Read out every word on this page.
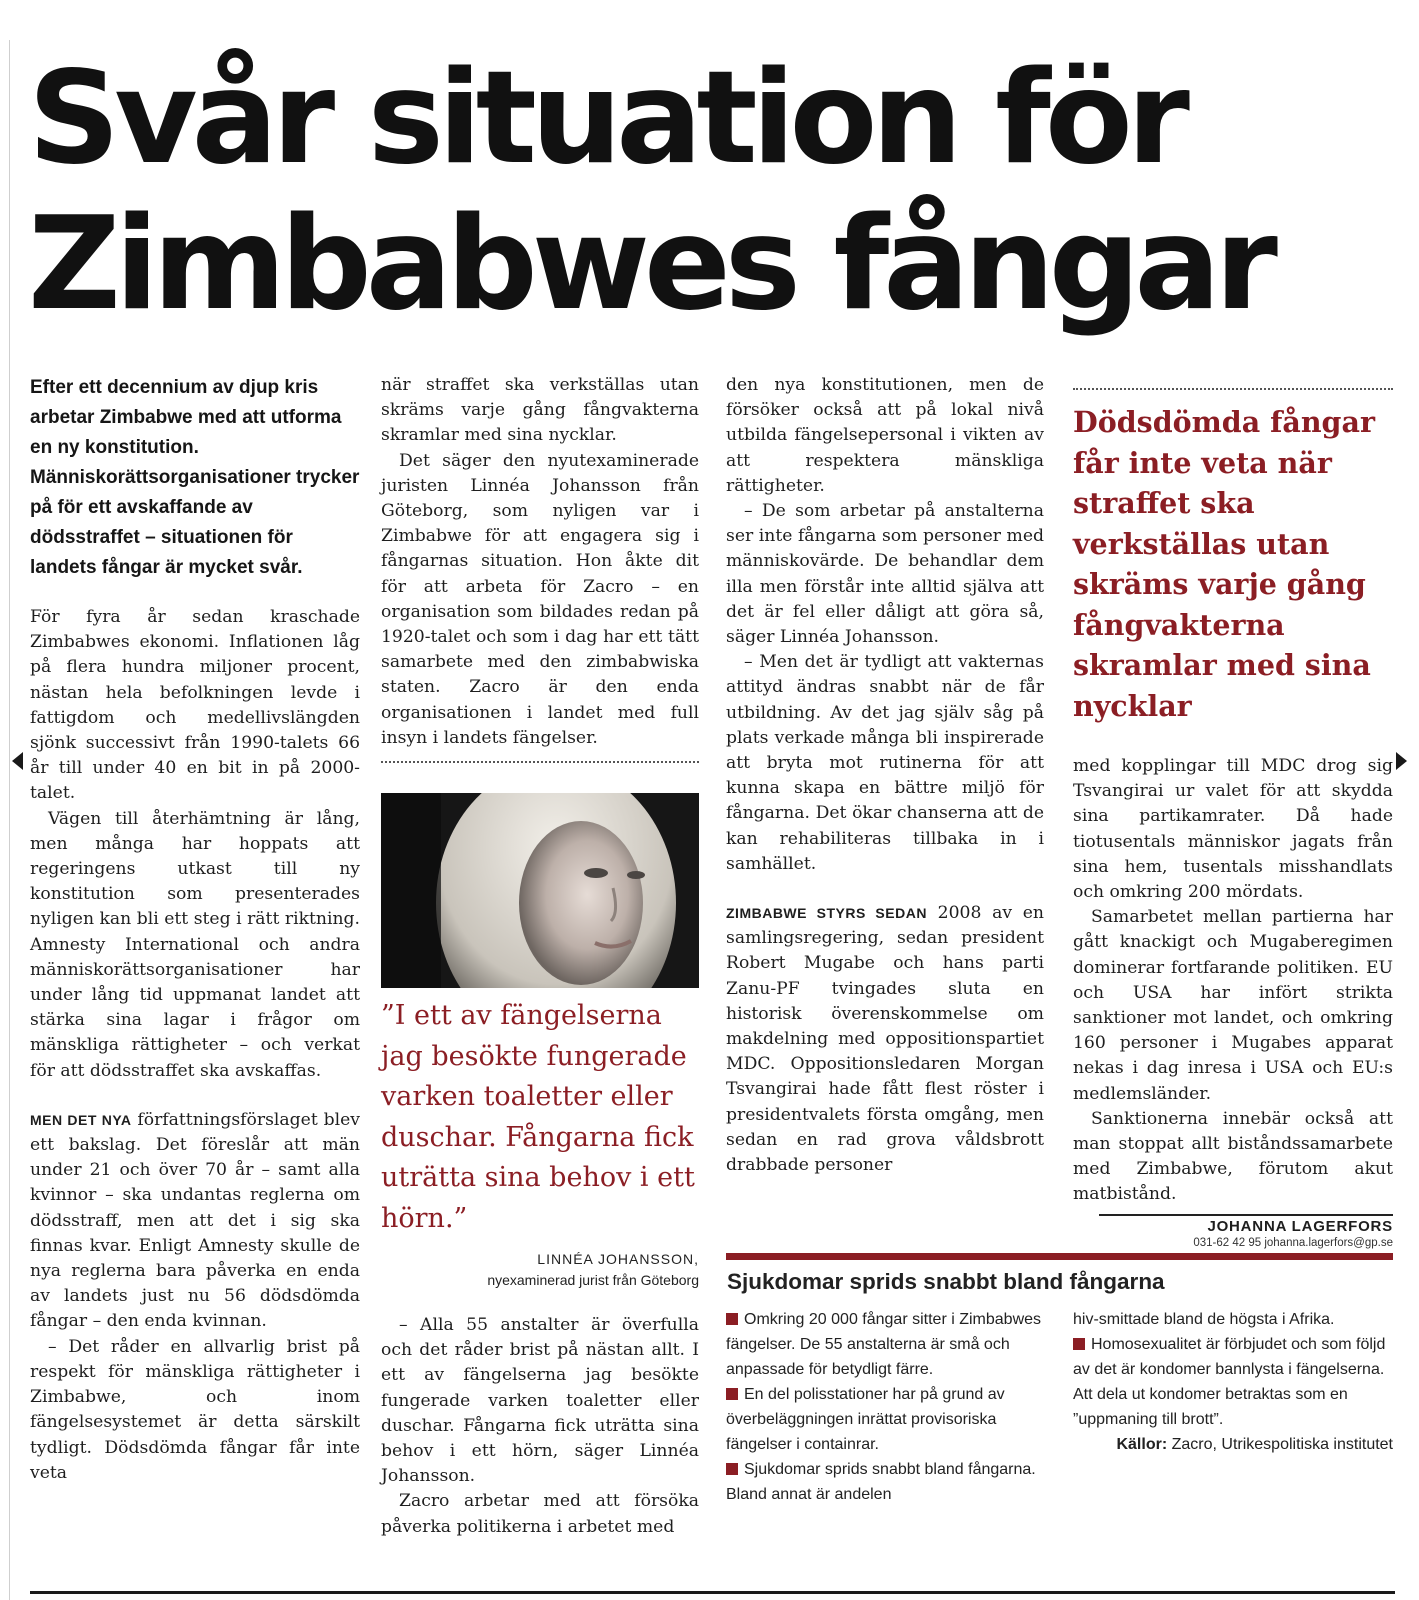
Svår situation för
Zimbabwes fångar

Efter ett decennium av djup kris arbetar Zimbabwe med att utforma en ny konstitution. Människorättsorganisationer trycker på för ett avskaffande av dödsstraffet – situationen för landets fångar är mycket svår.

För fyra år sedan kraschade Zimbabwes ekonomi. Inflationen låg på flera hundra miljoner procent, nästan hela befolkningen levde i fattigdom och medellivslängden sjönk successivt från 1990-talets 66 år till under 40 en bit in på 2000-talet.

Vägen till återhämtning är lång, men många har hoppats att regeringens utkast till ny konstitution som presenterades nyligen kan bli ett steg i rätt riktning. Amnesty International och andra människorättsorganisationer har under lång tid uppmanat landet att stärka sina lagar i frågor om mänskliga rättigheter – och verkat för att dödsstraffet ska avskaffas.

MEN DET NYA författningsförslaget blev ett bakslag. Det föreslår att män under 21 och över 70 år – samt alla kvinnor – ska undantas reglerna om dödsstraff, men att det i sig ska finnas kvar. Enligt Amnesty skulle de nya reglerna bara påverka en enda av landets just nu 56 dödsdömda fångar – den enda kvinnan.

– Det råder en allvarlig brist på respekt för mänskliga rättigheter i Zimbabwe, och inom fängelsesystemet är detta särskilt tydligt. Dödsdömda fångar får inte veta

när straffet ska verkställas utan skräms varje gång fångvakterna skramlar med sina nycklar.

Det säger den nyutexaminerade juristen Linnéa Johansson från Göteborg, som nyligen var i Zimbabwe för att engagera sig i fångarnas situation. Hon åkte dit för att arbeta för Zacro – en organisation som bildades redan på 1920-talet och som i dag har ett tätt samarbete med den zimbabwiska staten. Zacro är den enda organisationen i landet med full insyn i landets fängelser.

”I ett av fängelserna jag besökte fungerade varken toaletter eller duschar. Fångarna fick uträtta sina behov i ett hörn.”

LINNÉA JOHANSSON,
nyexaminerad jurist från Göteborg

– Alla 55 anstalter är överfulla och det råder brist på nästan allt. I ett av fängelserna jag besökte fungerade varken toaletter eller duschar. Fångarna fick uträtta sina behov i ett hörn, säger Linnéa Johansson.

Zacro arbetar med att försöka påverka politikerna i arbetet med

den nya konstitutionen, men de försöker också att på lokal nivå utbilda fängelsepersonal i vikten av att respektera mänskliga rättigheter.

– De som arbetar på anstalterna ser inte fångarna som personer med människovärde. De behandlar dem illa men förstår inte alltid själva att det är fel eller dåligt att göra så, säger Linnéa Johansson.

– Men det är tydligt att vakternas attityd ändras snabbt när de får utbildning. Av det jag själv såg på plats verkade många bli inspirerade att bryta mot rutinerna för att kunna skapa en bättre miljö för fångarna. Det ökar chanserna att de kan rehabiliteras tillbaka in i samhället.

ZIMBABWE STYRS SEDAN 2008 av en samlingsregering, sedan president Robert Mugabe och hans parti Zanu-PF tvingades sluta en historisk överenskommelse om makdelning med oppositionspartiet MDC. Oppositionsledaren Morgan Tsvangirai hade fått flest röster i presidentvalets första omgång, men sedan en rad grova våldsbrott drabbade personer

Dödsdömda fångar får inte veta när straffet ska verkställas utan skräms varje gång fångvakterna skramlar med sina nycklar

med kopplingar till MDC drog sig Tsvangirai ur valet för att skydda sina partikamrater. Då hade tiotusentals människor jagats från sina hem, tusentals misshandlats och omkring 200 mördats.

Samarbetet mellan partierna har gått knackigt och Mugaberegimen dominerar fortfarande politiken. EU och USA har infört strikta sanktioner mot landet, och omkring 160 personer i Mugabes apparat nekas i dag inresa i USA och EU:s medlemsländer.

Sanktionerna innebär också att man stoppat allt biståndssamarbete med Zimbabwe, förutom akut matbistånd.

JOHANNA LAGERFORS
031-62 42 95 johanna.lagerfors@gp.se
Sjukdomar sprids snabbt bland fångarna

Omkring 20 000 fångar sitter i Zimbabwes fängelser. De 55 anstalterna är små och anpassade för betydligt färre.

En del polisstationer har på grund av överbeläggningen inrättat provisoriska fängelser i containrar.

Sjukdomar sprids snabbt bland fångarna. Bland annat är andelen

hiv-smittade bland de högsta i Afrika.

Homosexualitet är förbjudet och som följd av det är kondomer bannlysta i fängelserna. Att dela ut kondomer betraktas som en ”uppmaning till brott”.

Källor: Zacro, Utrikespolitiska institutet
